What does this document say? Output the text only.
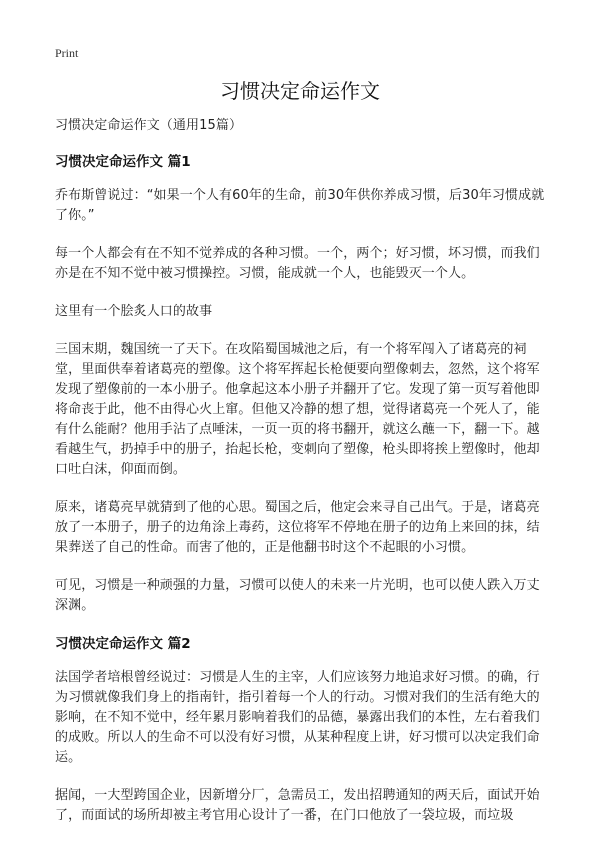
Print
习惯决定命运作文

习惯决定命运作文（通用15篇）

习惯决定命运作文 篇1

乔布斯曾说过：“如果一个人有60年的生命，前30年供你养成习惯，后30年习惯成就了你。”

每一个人都会有在不知不觉养成的各种习惯。一个，两个；好习惯，坏习惯，而我们亦是在不知不觉中被习惯操控。习惯，能成就一个人，也能毁灭一个人。

这里有一个脍炙人口的故事

三国末期，魏国统一了天下。在攻陷蜀国城池之后，有一个将军闯入了诸葛亮的祠堂，里面供奉着诸葛亮的塑像。这个将军挥起长枪便要向塑像刺去，忽然，这个将军发现了塑像前的一本小册子。他拿起这本小册子并翻开了它。发现了第一页写着他即将命丧于此，他不由得心火上窜。但他又冷静的想了想，觉得诸葛亮一个死人了，能有什么能耐？他用手沾了点唾沫，一页一页的将书翻开，就这么蘸一下，翻一下。越看越生气，扔掉手中的册子，抬起长枪，变刺向了塑像，枪头即将挨上塑像时，他却口吐白沫，仰面而倒。

原来，诸葛亮早就猜到了他的心思。蜀国之后，他定会来寻自己出气。于是，诸葛亮放了一本册子，册子的边角涂上毒药，这位将军不停地在册子的边角上来回的抹，结果葬送了自己的性命。而害了他的，正是他翻书时这个不起眼的小习惯。

可见，习惯是一种顽强的力量，习惯可以使人的未来一片光明，也可以使人跌入万丈深渊。

习惯决定命运作文 篇2

法国学者培根曾经说过：习惯是人生的主宰，人们应该努力地追求好习惯。的确，行为习惯就像我们身上的指南针，指引着每一个人的行动。习惯对我们的生活有绝大的影响，在不知不觉中，经年累月影响着我们的品德，暴露出我们的本性，左右着我们的成败。所以人的生命不可以没有好习惯，从某种程度上讲，好习惯可以决定我们命运。

据闻，一大型跨国企业，因新增分厂，急需员工，发出招聘通知的两天后，面试开始了，而面试的场所却被主考官用心设计了一番，在门口他放了一袋垃圾，而垃圾
